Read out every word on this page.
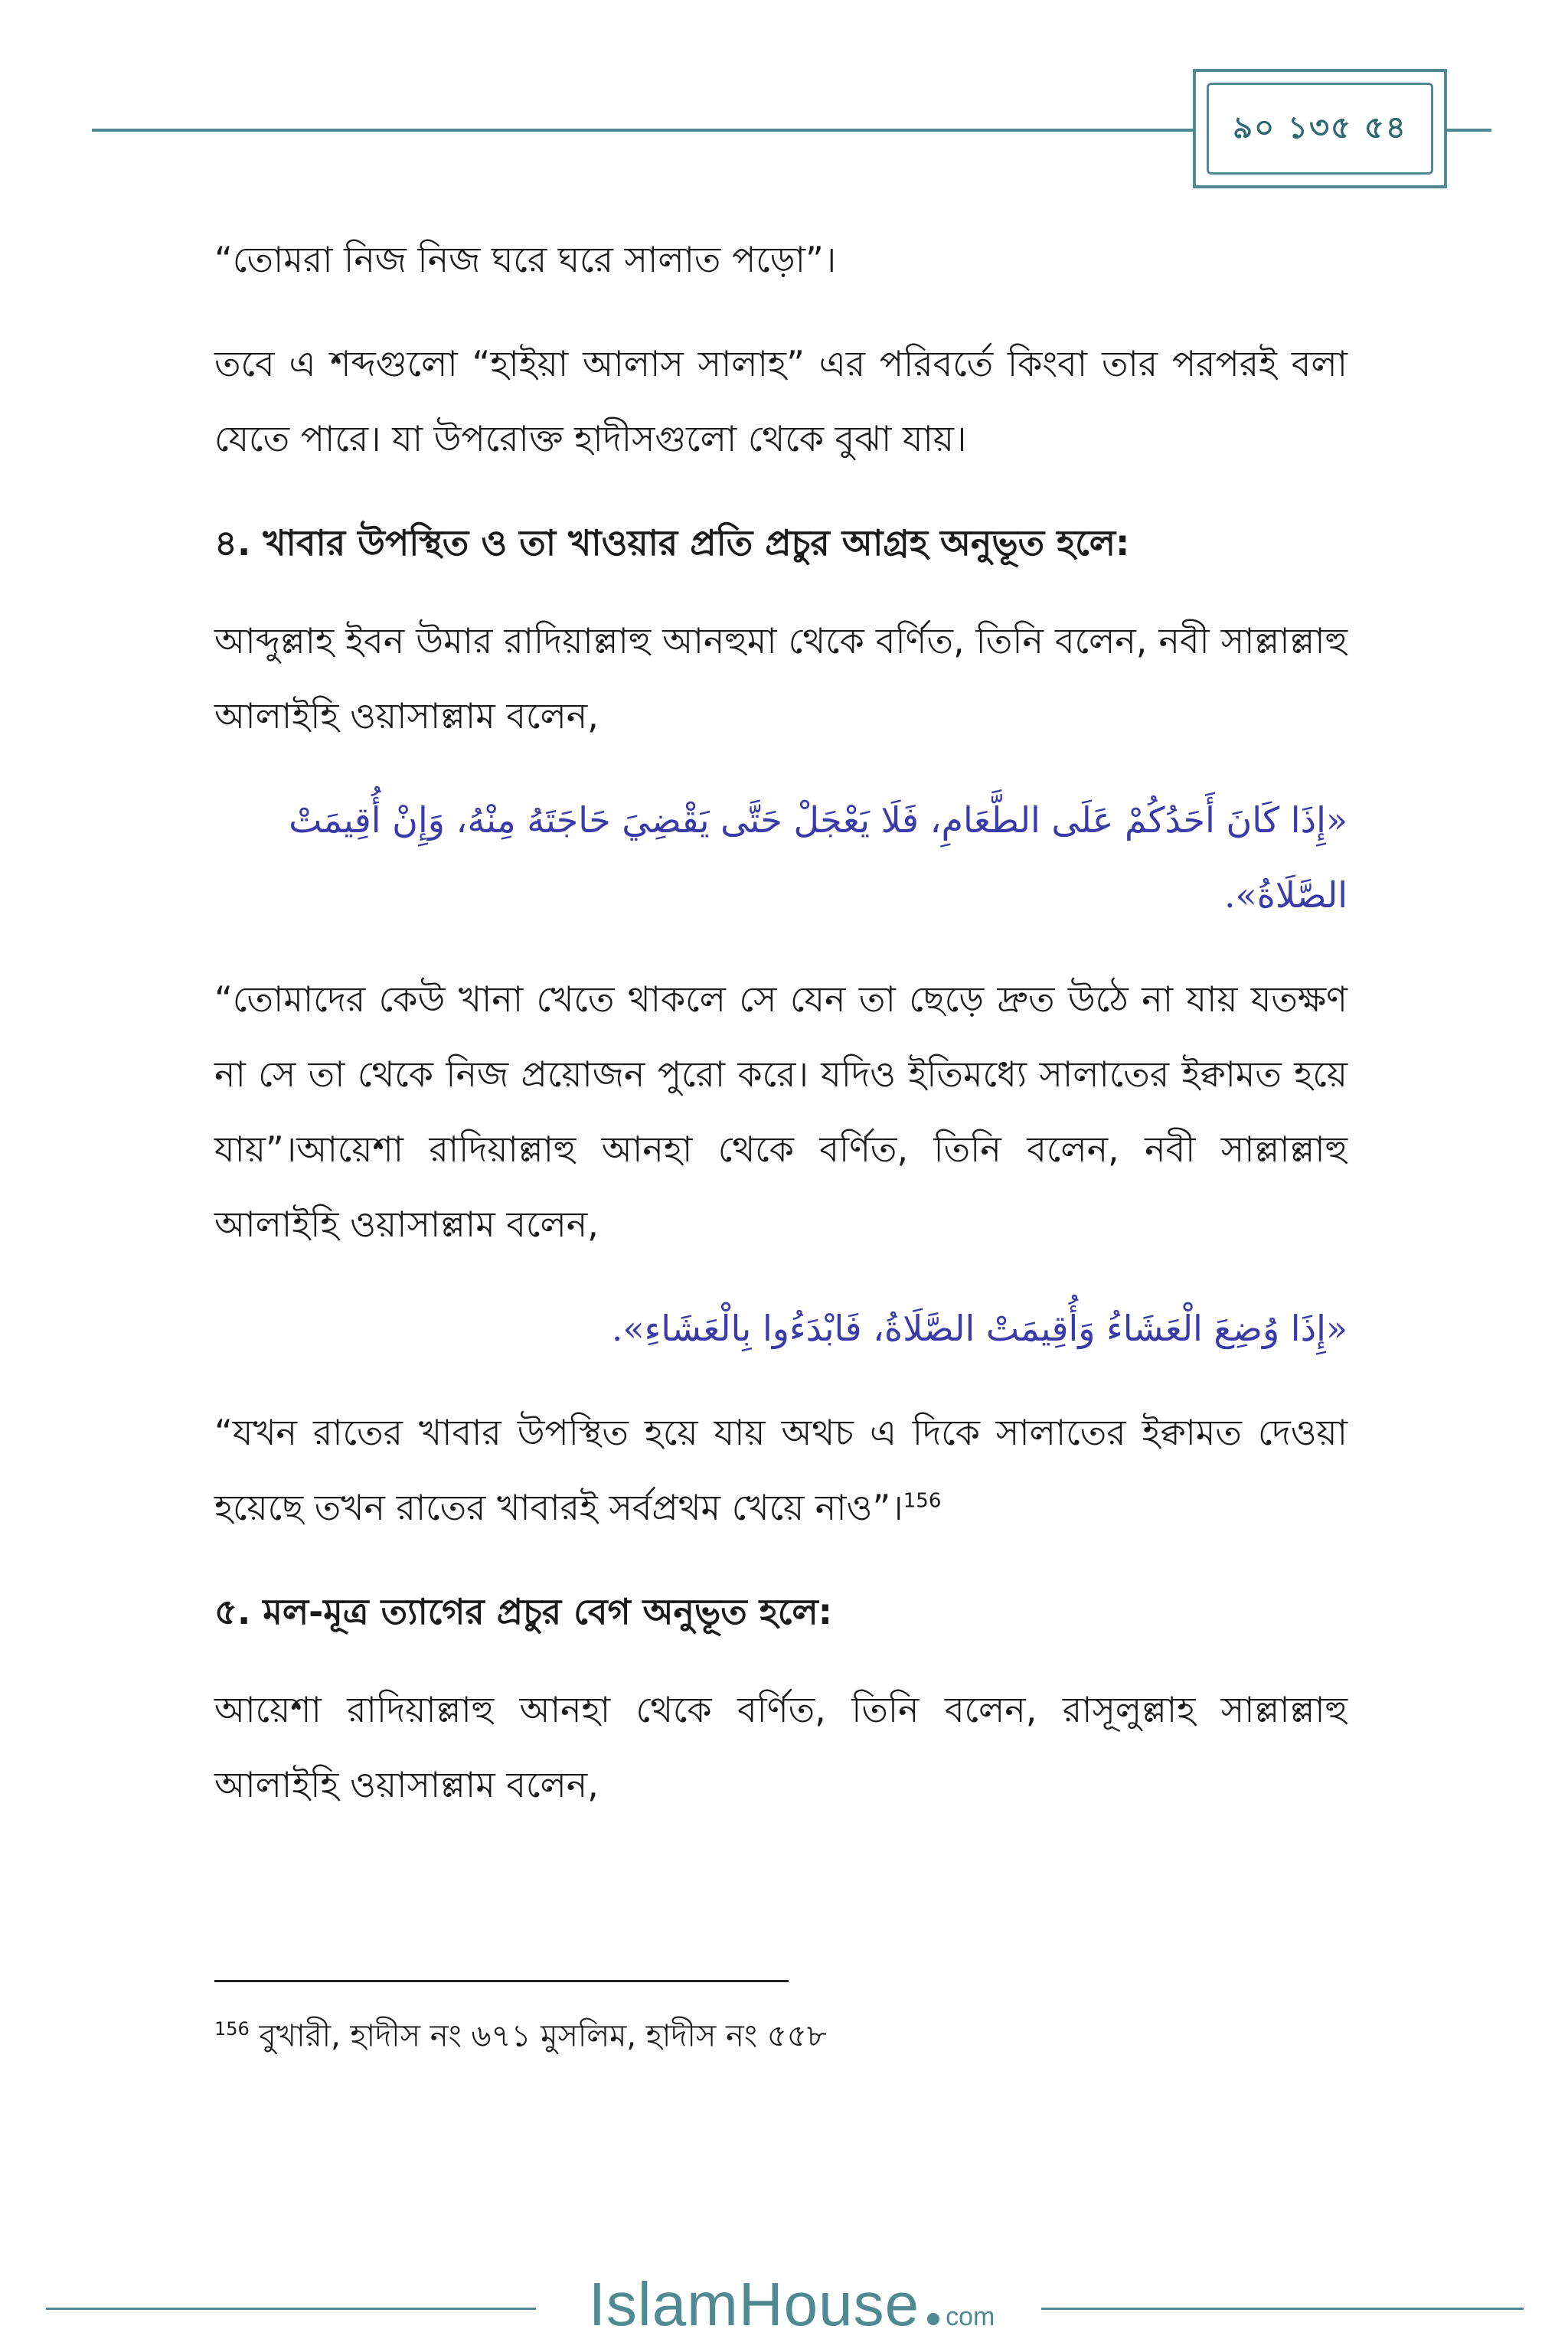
৯০ ১৩৫ ৫৪

“তোমরা নিজ নিজ ঘরে ঘরে সালাত পড়ো”।

তবে এ শব্দগুলো “হাইয়া আলাস সালাহ” এর পরিবর্তে কিংবা তার পরপরই বলা যেতে পারে। যা উপরোক্ত হাদীসগুলো থেকে বুঝা যায়।

৪. খাবার উপস্থিত ও তা খাওয়ার প্রতি প্রচুর আগ্রহ অনুভূত হলে:

আব্দুল্লাহ ইবন উমার রাদিয়াল্লাহু আনহুমা থেকে বর্ণিত, তিনি বলেন, নবী সাল্লাল্লাহু আলাইহি ওয়াসাল্লাম বলেন,

«إِذَا كَانَ أَحَدُكُمْ عَلَى الطَّعَامِ، فَلَا يَعْجَلْ حَتَّى يَقْضِيَ حَاجَتَهُ مِنْهُ، وَإِنْ أُقِيمَتْ الصَّلَاةُ».

“তোমাদের কেউ খানা খেতে থাকলে সে যেন তা ছেড়ে দ্রুত উঠে না যায় যতক্ষণ না সে তা থেকে নিজ প্রয়োজন পুরো করে। যদিও ইতিমধ্যে সালাতের ইক্বামত হয়ে যায়”।আয়েশা রাদিয়াল্লাহু আনহা থেকে বর্ণিত, তিনি বলেন, নবী সাল্লাল্লাহু আলাইহি ওয়াসাল্লাম বলেন,

«إِذَا وُضِعَ الْعَشَاءُ وَأُقِيمَتْ الصَّلَاةُ، فَابْدَءُوا بِالْعَشَاءِ».

“যখন রাতের খাবার উপস্থিত হয়ে যায় অথচ এ দিকে সালাতের ইক্বামত দেওয়া হয়েছে তখন রাতের খাবারই সর্বপ্রথম খেয়ে নাও”।$^{156}$

৫. মল-মূত্র ত্যাগের প্রচুর বেগ অনুভূত হলে:

আয়েশা রাদিয়াল্লাহু আনহা থেকে বর্ণিত, তিনি বলেন, রাসূলুল্লাহ সাল্লাল্লাহু আলাইহি ওয়াসাল্লাম বলেন,

$^{156}$ বুখারী, হাদীস নং ৬৭১ মুসলিম, হাদীস নং ৫৫৮
IslamHouse com
